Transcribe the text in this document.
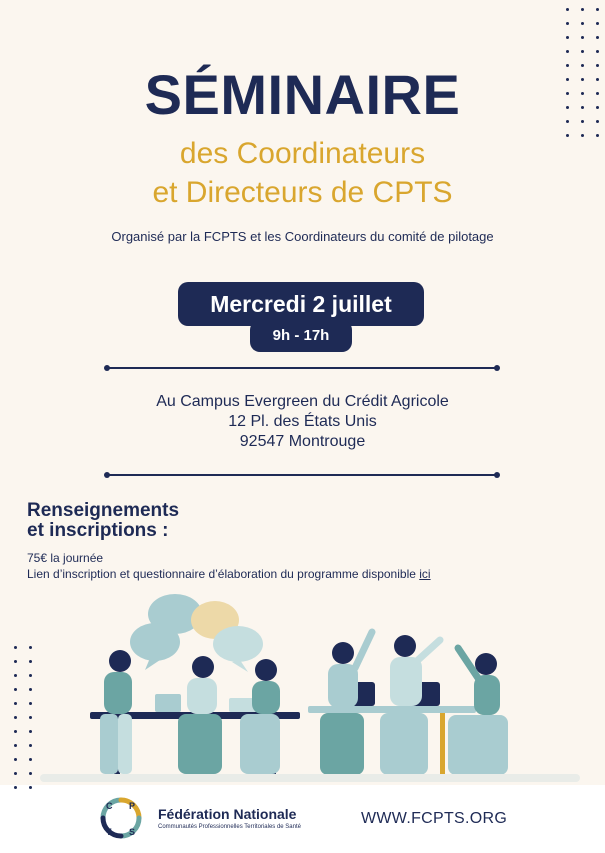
SÉMINAIRE
des Coordinateurs
et Directeurs de CPTS
Organisé par la FCPTS et les Coordinateurs du comité de pilotage
Mercredi 2 juillet
9h - 17h
Au Campus Evergreen du Crédit Agricole
12 Pl. des États Unis
92547 Montrouge
Renseignements
et inscriptions :
75€ la journée
Lien d’inscription et questionnaire d’élaboration du programme disponible ici
C P
T S
Fédération Nationale
Communautés Professionnelles Territoriales de Santé	WWW.FCPTS.ORG
